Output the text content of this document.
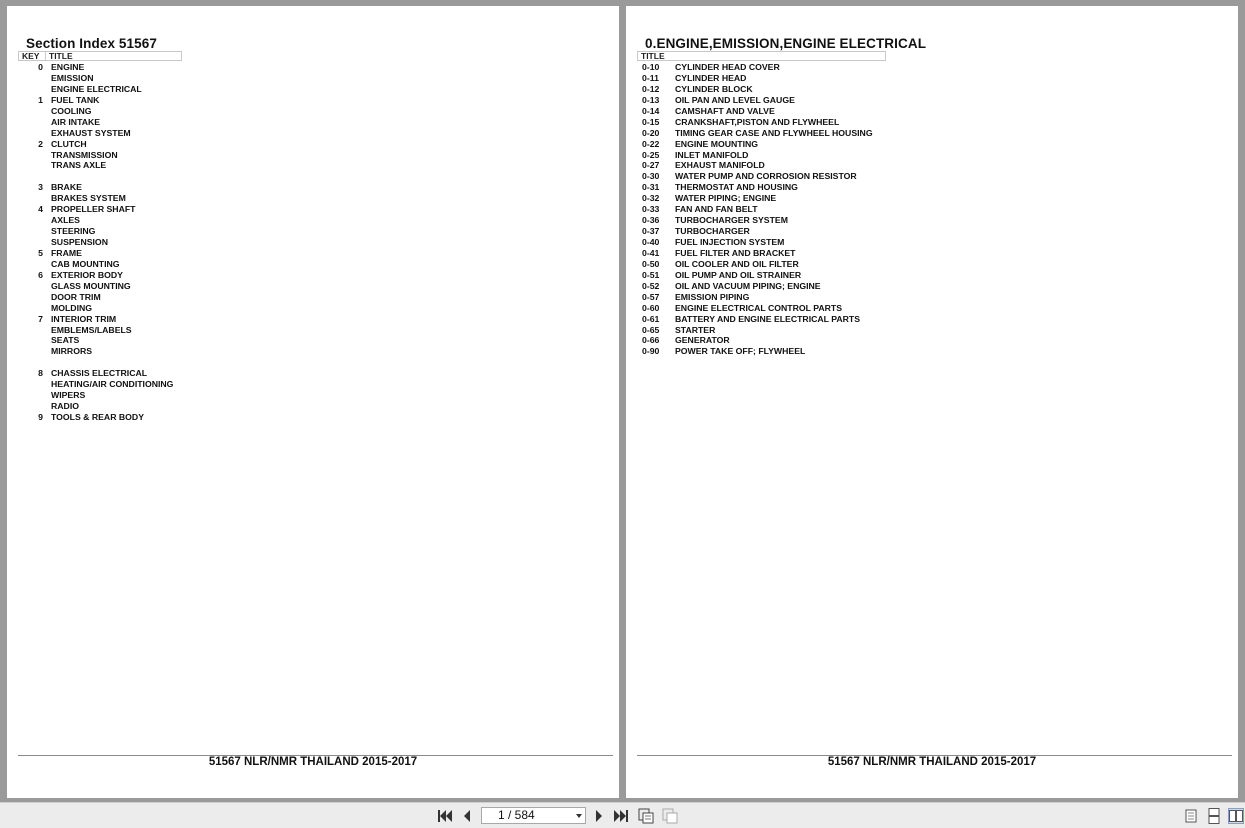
Section Index 51567
KEY TITLE
0 ENGINE
EMISSION
ENGINE ELECTRICAL
1 FUEL TANK
COOLING
AIR INTAKE
EXHAUST SYSTEM
2 CLUTCH
TRANSMISSION
TRANS AXLE
3 BRAKE
BRAKES SYSTEM
4 PROPELLER SHAFT
AXLES
STEERING
SUSPENSION
5 FRAME
CAB MOUNTING
6 EXTERIOR BODY
GLASS MOUNTING
DOOR TRIM
MOLDING
7 INTERIOR TRIM
EMBLEMS/LABELS
SEATS
MIRRORS
8 CHASSIS ELECTRICAL
HEATING/AIR CONDITIONING
WIPERS
RADIO
9 TOOLS & REAR BODY
51567 NLR/NMR THAILAND 2015-2017
0.ENGINE,EMISSION,ENGINE ELECTRICAL
TITLE
0-10 CYLINDER HEAD COVER
0-11 CYLINDER HEAD
0-12 CYLINDER BLOCK
0-13 OIL PAN AND LEVEL GAUGE
0-14 CAMSHAFT AND VALVE
0-15 CRANKSHAFT,PISTON AND FLYWHEEL
0-20 TIMING GEAR CASE AND FLYWHEEL HOUSING
0-22 ENGINE MOUNTING
0-25 INLET MANIFOLD
0-27 EXHAUST MANIFOLD
0-30 WATER PUMP AND CORROSION RESISTOR
0-31 THERMOSTAT AND HOUSING
0-32 WATER PIPING; ENGINE
0-33 FAN AND FAN BELT
0-36 TURBOCHARGER SYSTEM
0-37 TURBOCHARGER
0-40 FUEL INJECTION SYSTEM
0-41 FUEL FILTER AND BRACKET
0-50 OIL COOLER AND OIL FILTER
0-51 OIL PUMP AND OIL STRAINER
0-52 OIL AND VACUUM PIPING; ENGINE
0-57 EMISSION PIPING
0-60 ENGINE ELECTRICAL CONTROL PARTS
0-61 BATTERY AND ENGINE ELECTRICAL PARTS
0-65 STARTER
0-66 GENERATOR
0-90 POWER TAKE OFF; FLYWHEEL
51567 NLR/NMR THAILAND 2015-2017
1 / 584
